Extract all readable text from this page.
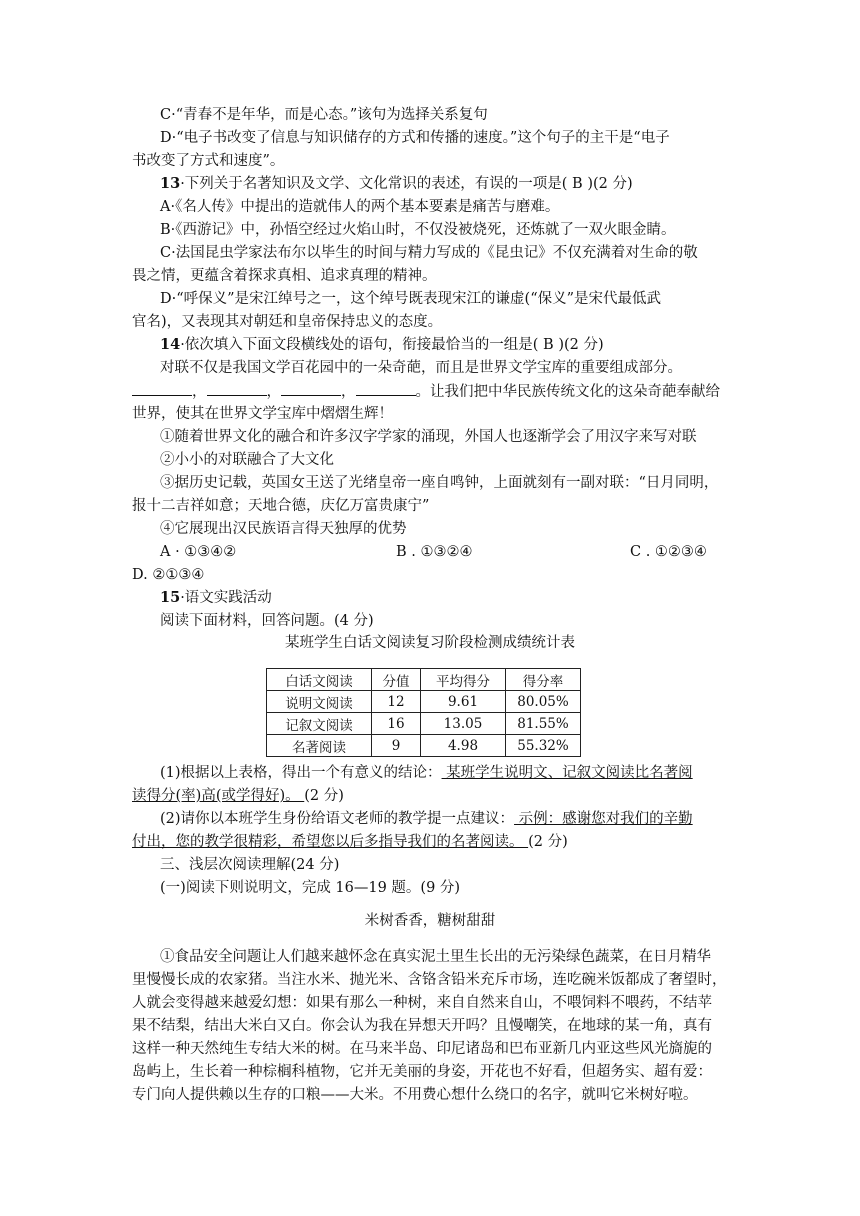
C·“青春不是年华，而是心态。”该句为选择关系复句
D·“电子书改变了信息与知识储存的方式和传播的速度。”这个句子的主干是“电子
书改变了方式和速度”。
13·下列关于名著知识及文学、文化常识的表述，有误的一项是( B )(2 分)
A·《名人传》中提出的造就伟人的两个基本要素是痛苦与磨难。
B·《西游记》中，孙悟空经过火焰山时，不仅没被烧死，还炼就了一双火眼金睛。
C·法国昆虫学家法布尔以毕生的时间与精力写成的《昆虫记》不仅充满着对生命的敬
畏之情，更蕴含着探求真相、追求真理的精神。
D·“呼保义”是宋江绰号之一，这个绰号既表现宋江的谦虚(“保义”是宋代最低武
官名)，又表现其对朝廷和皇帝保持忠义的态度。
14·依次填入下面文段横线处的语句，衔接最恰当的一组是( B )(2 分)
对联不仅是我国文学百花园中的一朵奇葩，而且是世界文学宝库的重要组成部分。
，	，	，	。让我们把中华民族传统文化的这朵奇葩奉献给
世界，使其在世界文学宝库中熠熠生辉！
①随着世界文化的融合和许多汉字学家的涌现，外国人也逐渐学会了用汉字来写对联
②小小的对联融合了大文化
③据历史记载，英国女王送了光绪皇帝一座自鸣钟，上面就刻有一副对联：“日月同明，
报十二吉祥如意；天地合德，庆亿万富贵康宁”
④它展现出汉民族语言得天独厚的优势
A · ①③④②	B . ①③②④	C . ①②③④
D. ②①③④
15·语文实践活动
阅读下面材料，回答问题。(4 分)
某班学生白话文阅读复习阶段检测成绩统计表
白话文阅读	分值	平均得分	得分率
说明文阅读	12	9.61	80.05%
记叙文阅读	16	13.05	81.55%
名著阅读	9	4.98	55.32%
(1)根据以上表格，得出一个有意义的结论： 某班学生说明文、记叙文阅读比名著阅
读得分(率)高(或学得好)。 (2 分)
(2)请你以本班学生身份给语文老师的教学提一点建议： 示例：感谢您对我们的辛勤
付出，您的教学很精彩，希望您以后多指导我们的名著阅读。 (2 分)
三、浅层次阅读理解(24 分)
(一)阅读下则说明文，完成 16—19 题。(9 分)
米树香香，糖树甜甜
①食品安全问题让人们越来越怀念在真实泥土里生长出的无污染绿色蔬菜，在日月精华
里慢慢长成的农家猪。当注水米、抛光米、含铬含铅米充斥市场，连吃碗米饭都成了奢望时，
人就会变得越来越爱幻想：如果有那么一种树，来自自然来自山，不喂饲料不喂药，不结苹
果不结梨，结出大米白又白。你会认为我在异想天开吗？且慢嘲笑，在地球的某一角，真有
这样一种天然纯生专结大米的树。在马来半岛、印尼诸岛和巴布亚新几内亚这些风光旖旎的
岛屿上，生长着一种棕榈科植物，它并无美丽的身姿，开花也不好看，但超务实、超有爱：
专门向人提供赖以生存的口粮——大米。不用费心想什么绕口的名字，就叫它米树好啦。
